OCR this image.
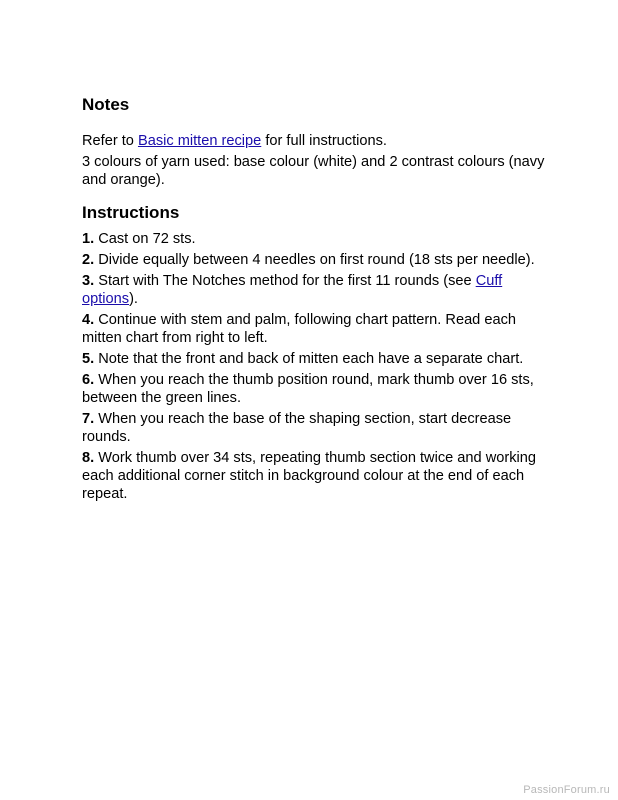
Notes

Refer to Basic mitten recipe for full instructions.

3 colours of yarn used: base colour (white) and 2 contrast colours (navy and orange).

Instructions

1. Cast on 72 sts.

2. Divide equally between 4 needles on first round (18 sts per needle).

3. Start with The Notches method for the first 11 rounds (see Cuff options).

4. Continue with stem and palm, following chart pattern. Read each mitten chart from right to left.

5. Note that the front and back of mitten each have a separate chart.

6. When you reach the thumb position round, mark thumb over 16 sts, between the green lines.

7. When you reach the base of the shaping section, start decrease rounds.

8. Work thumb over 34 sts, repeating thumb section twice and working each additional corner stitch in background colour at the end of each repeat.

PassionForum.ru
